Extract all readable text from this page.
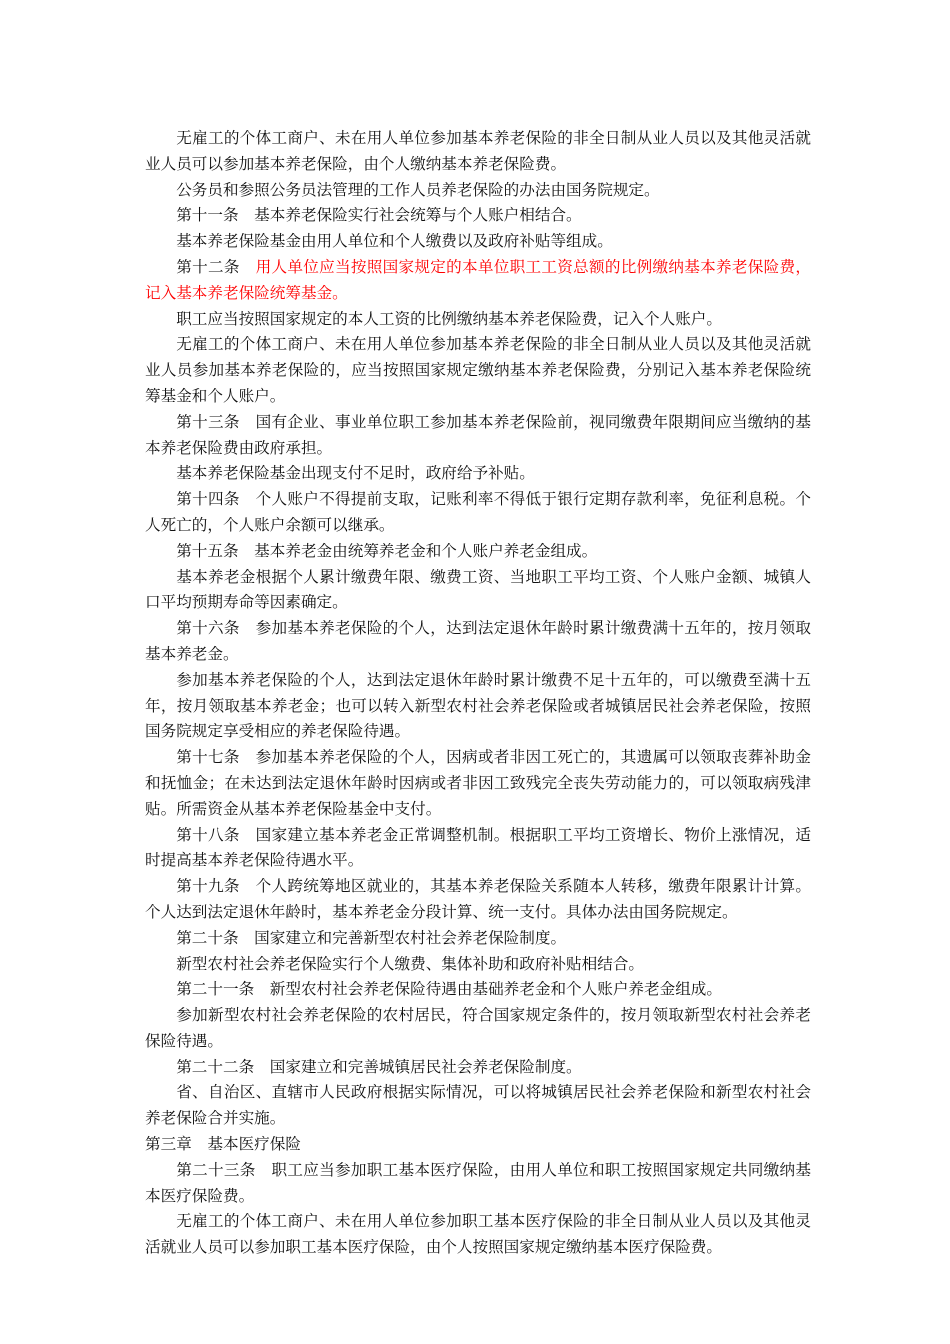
无雇工的个体工商户、未在用人单位参加基本养老保险的非全日制从业人员以及其他灵活就业人员可以参加基本养老保险，由个人缴纳基本养老保险费。

公务员和参照公务员法管理的工作人员养老保险的办法由国务院规定。

第十一条　基本养老保险实行社会统筹与个人账户相结合。

基本养老保险基金由用人单位和个人缴费以及政府补贴等组成。

第十二条　用人单位应当按照国家规定的本单位职工工资总额的比例缴纳基本养老保险费，记入基本养老保险统筹基金。

职工应当按照国家规定的本人工资的比例缴纳基本养老保险费，记入个人账户。

无雇工的个体工商户、未在用人单位参加基本养老保险的非全日制从业人员以及其他灵活就业人员参加基本养老保险的，应当按照国家规定缴纳基本养老保险费，分别记入基本养老保险统筹基金和个人账户。

第十三条　国有企业、事业单位职工参加基本养老保险前，视同缴费年限期间应当缴纳的基本养老保险费由政府承担。

基本养老保险基金出现支付不足时，政府给予补贴。

第十四条　个人账户不得提前支取，记账利率不得低于银行定期存款利率，免征利息税。个人死亡的，个人账户余额可以继承。

第十五条　基本养老金由统筹养老金和个人账户养老金组成。

基本养老金根据个人累计缴费年限、缴费工资、当地职工平均工资、个人账户金额、城镇人口平均预期寿命等因素确定。

第十六条　参加基本养老保险的个人，达到法定退休年龄时累计缴费满十五年的，按月领取基本养老金。

参加基本养老保险的个人，达到法定退休年龄时累计缴费不足十五年的，可以缴费至满十五年，按月领取基本养老金；也可以转入新型农村社会养老保险或者城镇居民社会养老保险，按照国务院规定享受相应的养老保险待遇。

第十七条　参加基本养老保险的个人，因病或者非因工死亡的，其遗属可以领取丧葬补助金和抚恤金；在未达到法定退休年龄时因病或者非因工致残完全丧失劳动能力的，可以领取病残津贴。所需资金从基本养老保险基金中支付。

第十八条　国家建立基本养老金正常调整机制。根据职工平均工资增长、物价上涨情况，适时提高基本养老保险待遇水平。

第十九条　个人跨统筹地区就业的，其基本养老保险关系随本人转移，缴费年限累计计算。个人达到法定退休年龄时，基本养老金分段计算、统一支付。具体办法由国务院规定。

第二十条　国家建立和完善新型农村社会养老保险制度。

新型农村社会养老保险实行个人缴费、集体补助和政府补贴相结合。

第二十一条　新型农村社会养老保险待遇由基础养老金和个人账户养老金组成。

参加新型农村社会养老保险的农村居民，符合国家规定条件的，按月领取新型农村社会养老保险待遇。

第二十二条　国家建立和完善城镇居民社会养老保险制度。

省、自治区、直辖市人民政府根据实际情况，可以将城镇居民社会养老保险和新型农村社会养老保险合并实施。

第三章　基本医疗保险

第二十三条　职工应当参加职工基本医疗保险，由用人单位和职工按照国家规定共同缴纳基本医疗保险费。

无雇工的个体工商户、未在用人单位参加职工基本医疗保险的非全日制从业人员以及其他灵活就业人员可以参加职工基本医疗保险，由个人按照国家规定缴纳基本医疗保险费。
